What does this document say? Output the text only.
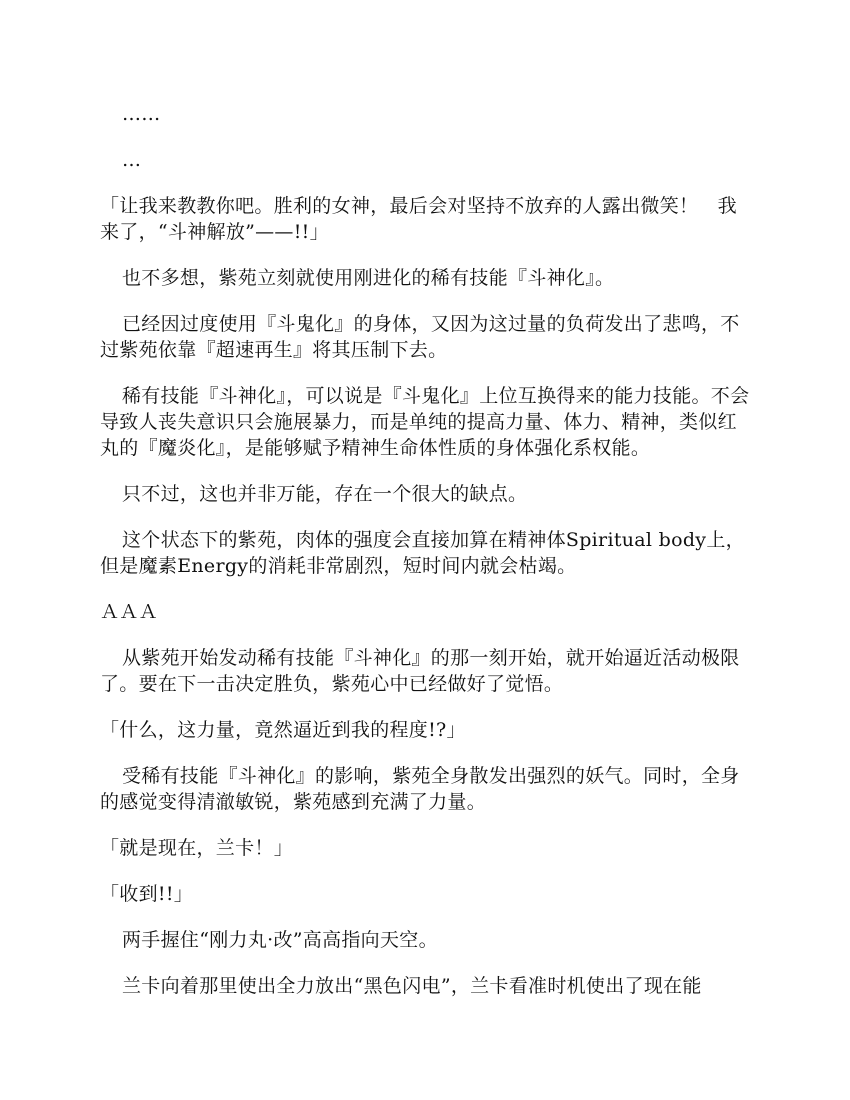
……

…

「让我来教教你吧。胜利的女神，最后会对坚持不放弃的人露出微笑！　我来了，“斗神解放”——!!」

也不多想，紫苑立刻就使用刚进化的稀有技能『斗神化』。

已经因过度使用『斗鬼化』的身体，又因为这过量的负荷发出了悲鸣，不过紫苑依靠『超速再生』将其压制下去。

稀有技能『斗神化』，可以说是『斗鬼化』上位互换得来的能力技能。不会导致人丧失意识只会施展暴力，而是单纯的提高力量、体力、精神，类似红丸的『魔炎化』，是能够赋予精神生命体性质的身体强化系权能。

只不过，这也并非万能，存在一个很大的缺点。

这个状态下的紫苑，肉体的强度会直接加算在精神体Spiritual body上，但是魔素Energy的消耗非常剧烈，短时间内就会枯竭。

ＡＡＡ

从紫苑开始发动稀有技能『斗神化』的那一刻开始，就开始逼近活动极限了。要在下一击决定胜负，紫苑心中已经做好了觉悟。

「什么，这力量，竟然逼近到我的程度!?」

受稀有技能『斗神化』的影响，紫苑全身散发出强烈的妖气。同时，全身的感觉变得清澈敏锐，紫苑感到充满了力量。

「就是现在，兰卡！」

「收到!!」

两手握住“刚力丸·改”高高指向天空。

兰卡向着那里使出全力放出“黑色闪电”，兰卡看准时机使出了现在能
